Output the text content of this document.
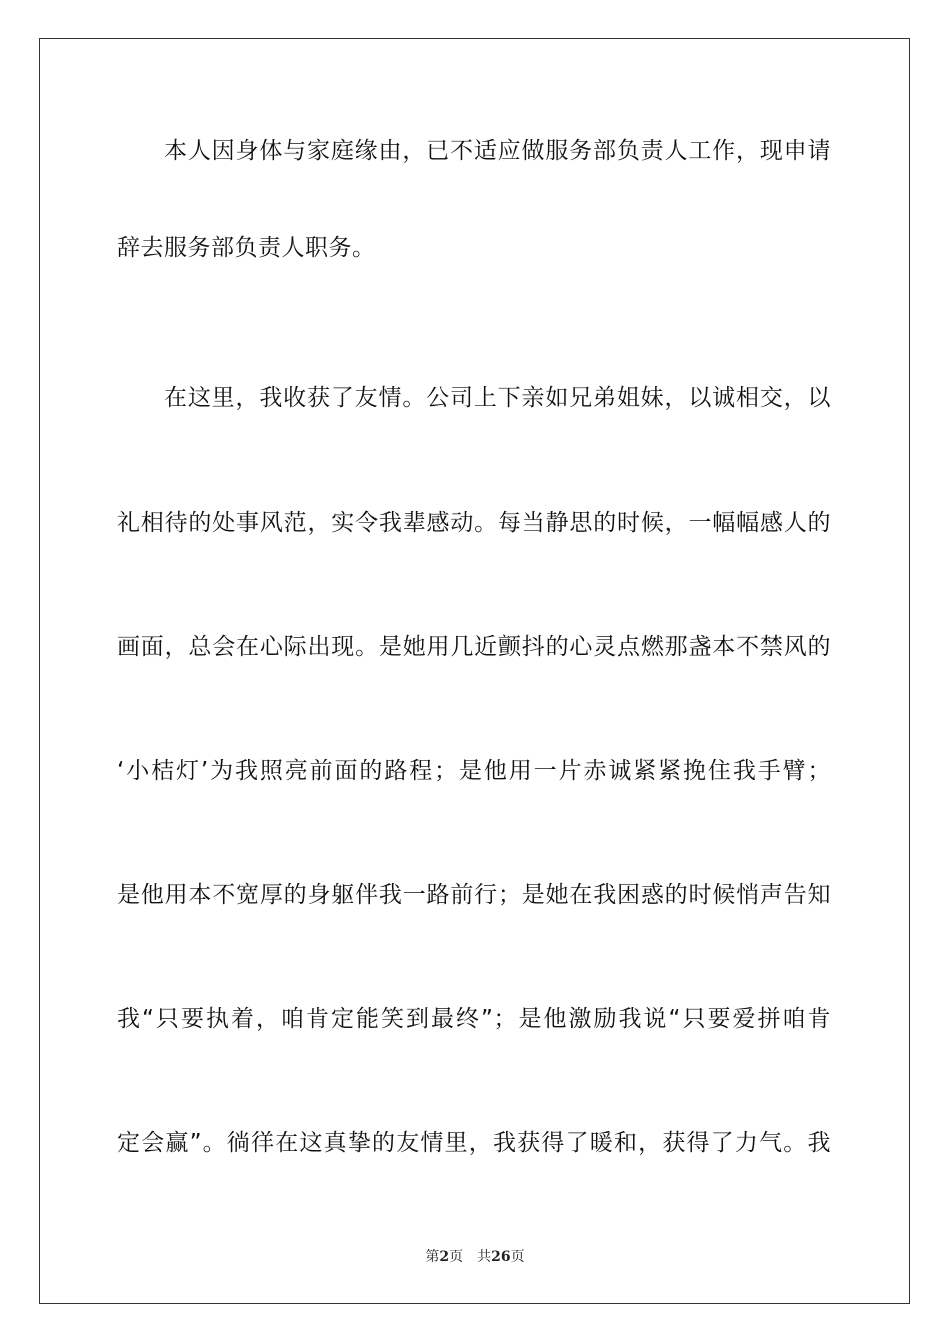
本人因身体与家庭缘由，已不适应做服务部负责人工作，现申请
辞去服务部负责人职务。
在这里，我收获了友情。公司上下亲如兄弟姐妹，以诚相交，以
礼相待的处事风范，实令我辈感动。每当静思的时候，一幅幅感人的
画面，总会在心际出现。是她用几近颤抖的心灵点燃那盏本不禁风的
‘小桔灯’为我照亮前面的路程；是他用一片赤诚紧紧挽住我手臂；
是他用本不宽厚的身躯伴我一路前行；是她在我困惑的时候悄声告知
我“只要执着，咱肯定能笑到最终”；是他激励我说“只要爱拼咱肯
定会赢”。徜徉在这真挚的友情里，我获得了暖和，获得了力气。我
第2页 共26页
